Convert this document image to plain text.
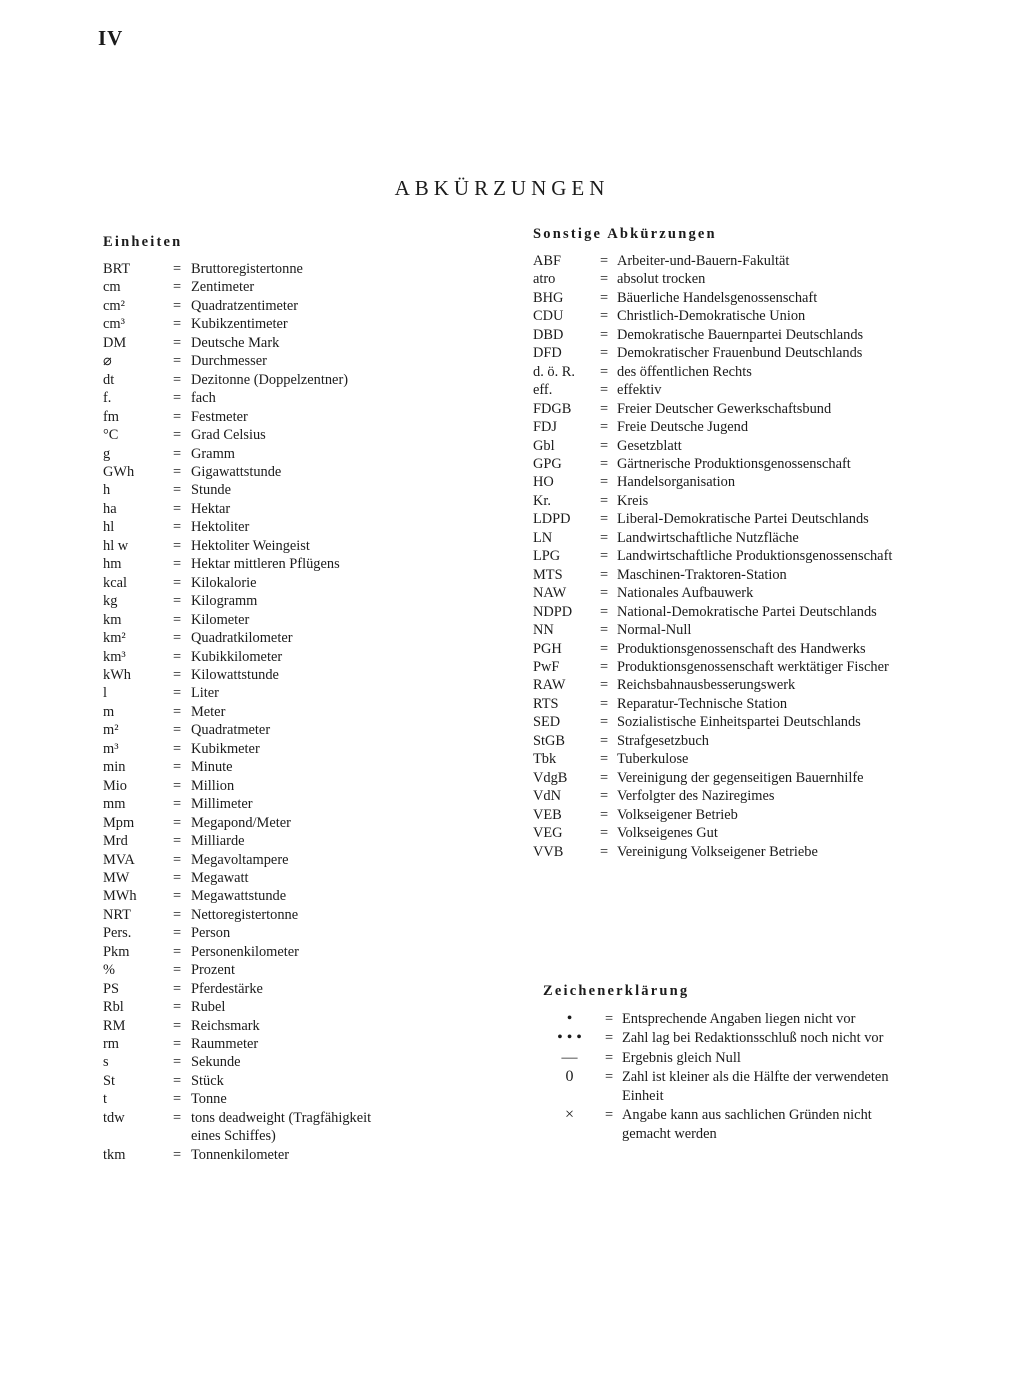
IV
ABKÜRZUNGEN
Einheiten
BRT	= Bruttoregistertonne
cm	= Zentimeter
cm²	= Quadratzentimeter
cm³	= Kubikzentimeter
DM	= Deutsche Mark
⌀	= Durchmesser
dt	= Dezitonne (Doppelzentner)
f.	= fach
fm	= Festmeter
°C	= Grad Celsius
g	= Gramm
GWh	= Gigawattstunde
h	= Stunde
ha	= Hektar
hl	= Hektoliter
hl w	= Hektoliter Weingeist
hm	= Hektar mittleren Pflügens
kcal	= Kilokalorie
kg	= Kilogramm
km	= Kilometer
km²	= Quadratkilometer
km³	= Kubikkilometer
kWh	= Kilowattstunde
l	= Liter
m	= Meter
m²	= Quadratmeter
m³	= Kubikmeter
min	= Minute
Mio	= Million
mm	= Millimeter
Mpm	= Megapond/Meter
Mrd	= Milliarde
MVA	= Megavoltampere
MW	= Megawatt
MWh	= Megawattstunde
NRT	= Nettoregistertonne
Pers.	= Person
Pkm	= Personenkilometer
%	= Prozent
PS	= Pferdestärke
Rbl	= Rubel
RM	= Reichsmark
rm	= Raummeter
s	= Sekunde
St	= Stück
t	= Tonne
tdw	= tons deadweight (Tragfähigkeit eines Schiffes)
tkm	= Tonnenkilometer
Sonstige Abkürzungen
ABF	= Arbeiter-und-Bauern-Fakultät
atro	= absolut trocken
BHG	= Bäuerliche Handelsgenossenschaft
CDU	= Christlich-Demokratische Union
DBD	= Demokratische Bauernpartei Deutschlands
DFD	= Demokratischer Frauenbund Deutschlands
d. ö. R.	= des öffentlichen Rechts
eff.	= effektiv
FDGB	= Freier Deutscher Gewerkschaftsbund
FDJ	= Freie Deutsche Jugend
Gbl	= Gesetzblatt
GPG	= Gärtnerische Produktionsgenossenschaft
HO	= Handelsorganisation
Kr.	= Kreis
LDPD	= Liberal-Demokratische Partei Deutschlands
LN	= Landwirtschaftliche Nutzfläche
LPG	= Landwirtschaftliche Produktionsgenossenschaft
MTS	= Maschinen-Traktoren-Station
NAW	= Nationales Aufbauwerk
NDPD	= National-Demokratische Partei Deutschlands
NN	= Normal-Null
PGH	= Produktionsgenossenschaft des Handwerks
PwF	= Produktionsgenossenschaft werktätiger Fischer
RAW	= Reichsbahnausbesserungswerk
RTS	= Reparatur-Technische Station
SED	= Sozialistische Einheitspartei Deutschlands
StGB	= Strafgesetzbuch
Tbk	= Tuberkulose
VdgB	= Vereinigung der gegenseitigen Bauernhilfe
VdN	= Verfolgter des Naziregimes
VEB	= Volkseigener Betrieb
VEG	= Volkseigenes Gut
VVB	= Vereinigung Volkseigener Betriebe
Zeichenerklärung
•	= Entsprechende Angaben liegen nicht vor
• • •	= Zahl lag bei Redaktionsschluß noch nicht vor
—	= Ergebnis gleich Null
0	= Zahl ist kleiner als die Hälfte der verwendeten Einheit
×	= Angabe kann aus sachlichen Gründen nicht gemacht werden
